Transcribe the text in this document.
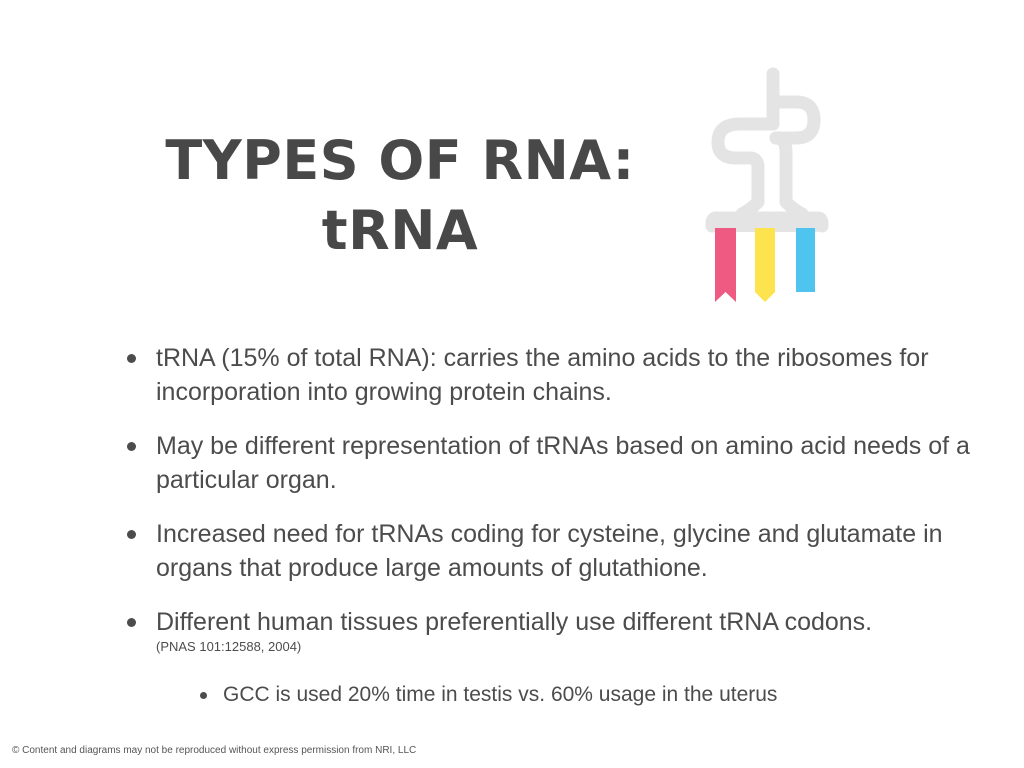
TYPES OF RNA:
tRNA
tRNA (15% of total RNA): carries the amino acids to the ribosomes for incorporation into growing protein chains.
May be different representation of tRNAs based on amino acid needs of a particular organ.
Increased need for tRNAs coding for cysteine, glycine and glutamate in organs that produce large amounts of glutathione.
Different human tissues preferentially use different tRNA codons.
(PNAS 101:12588, 2004)
GCC is used 20% time in testis vs. 60% usage in the uterus
© Content and diagrams may not be reproduced without express permission from NRI, LLC
